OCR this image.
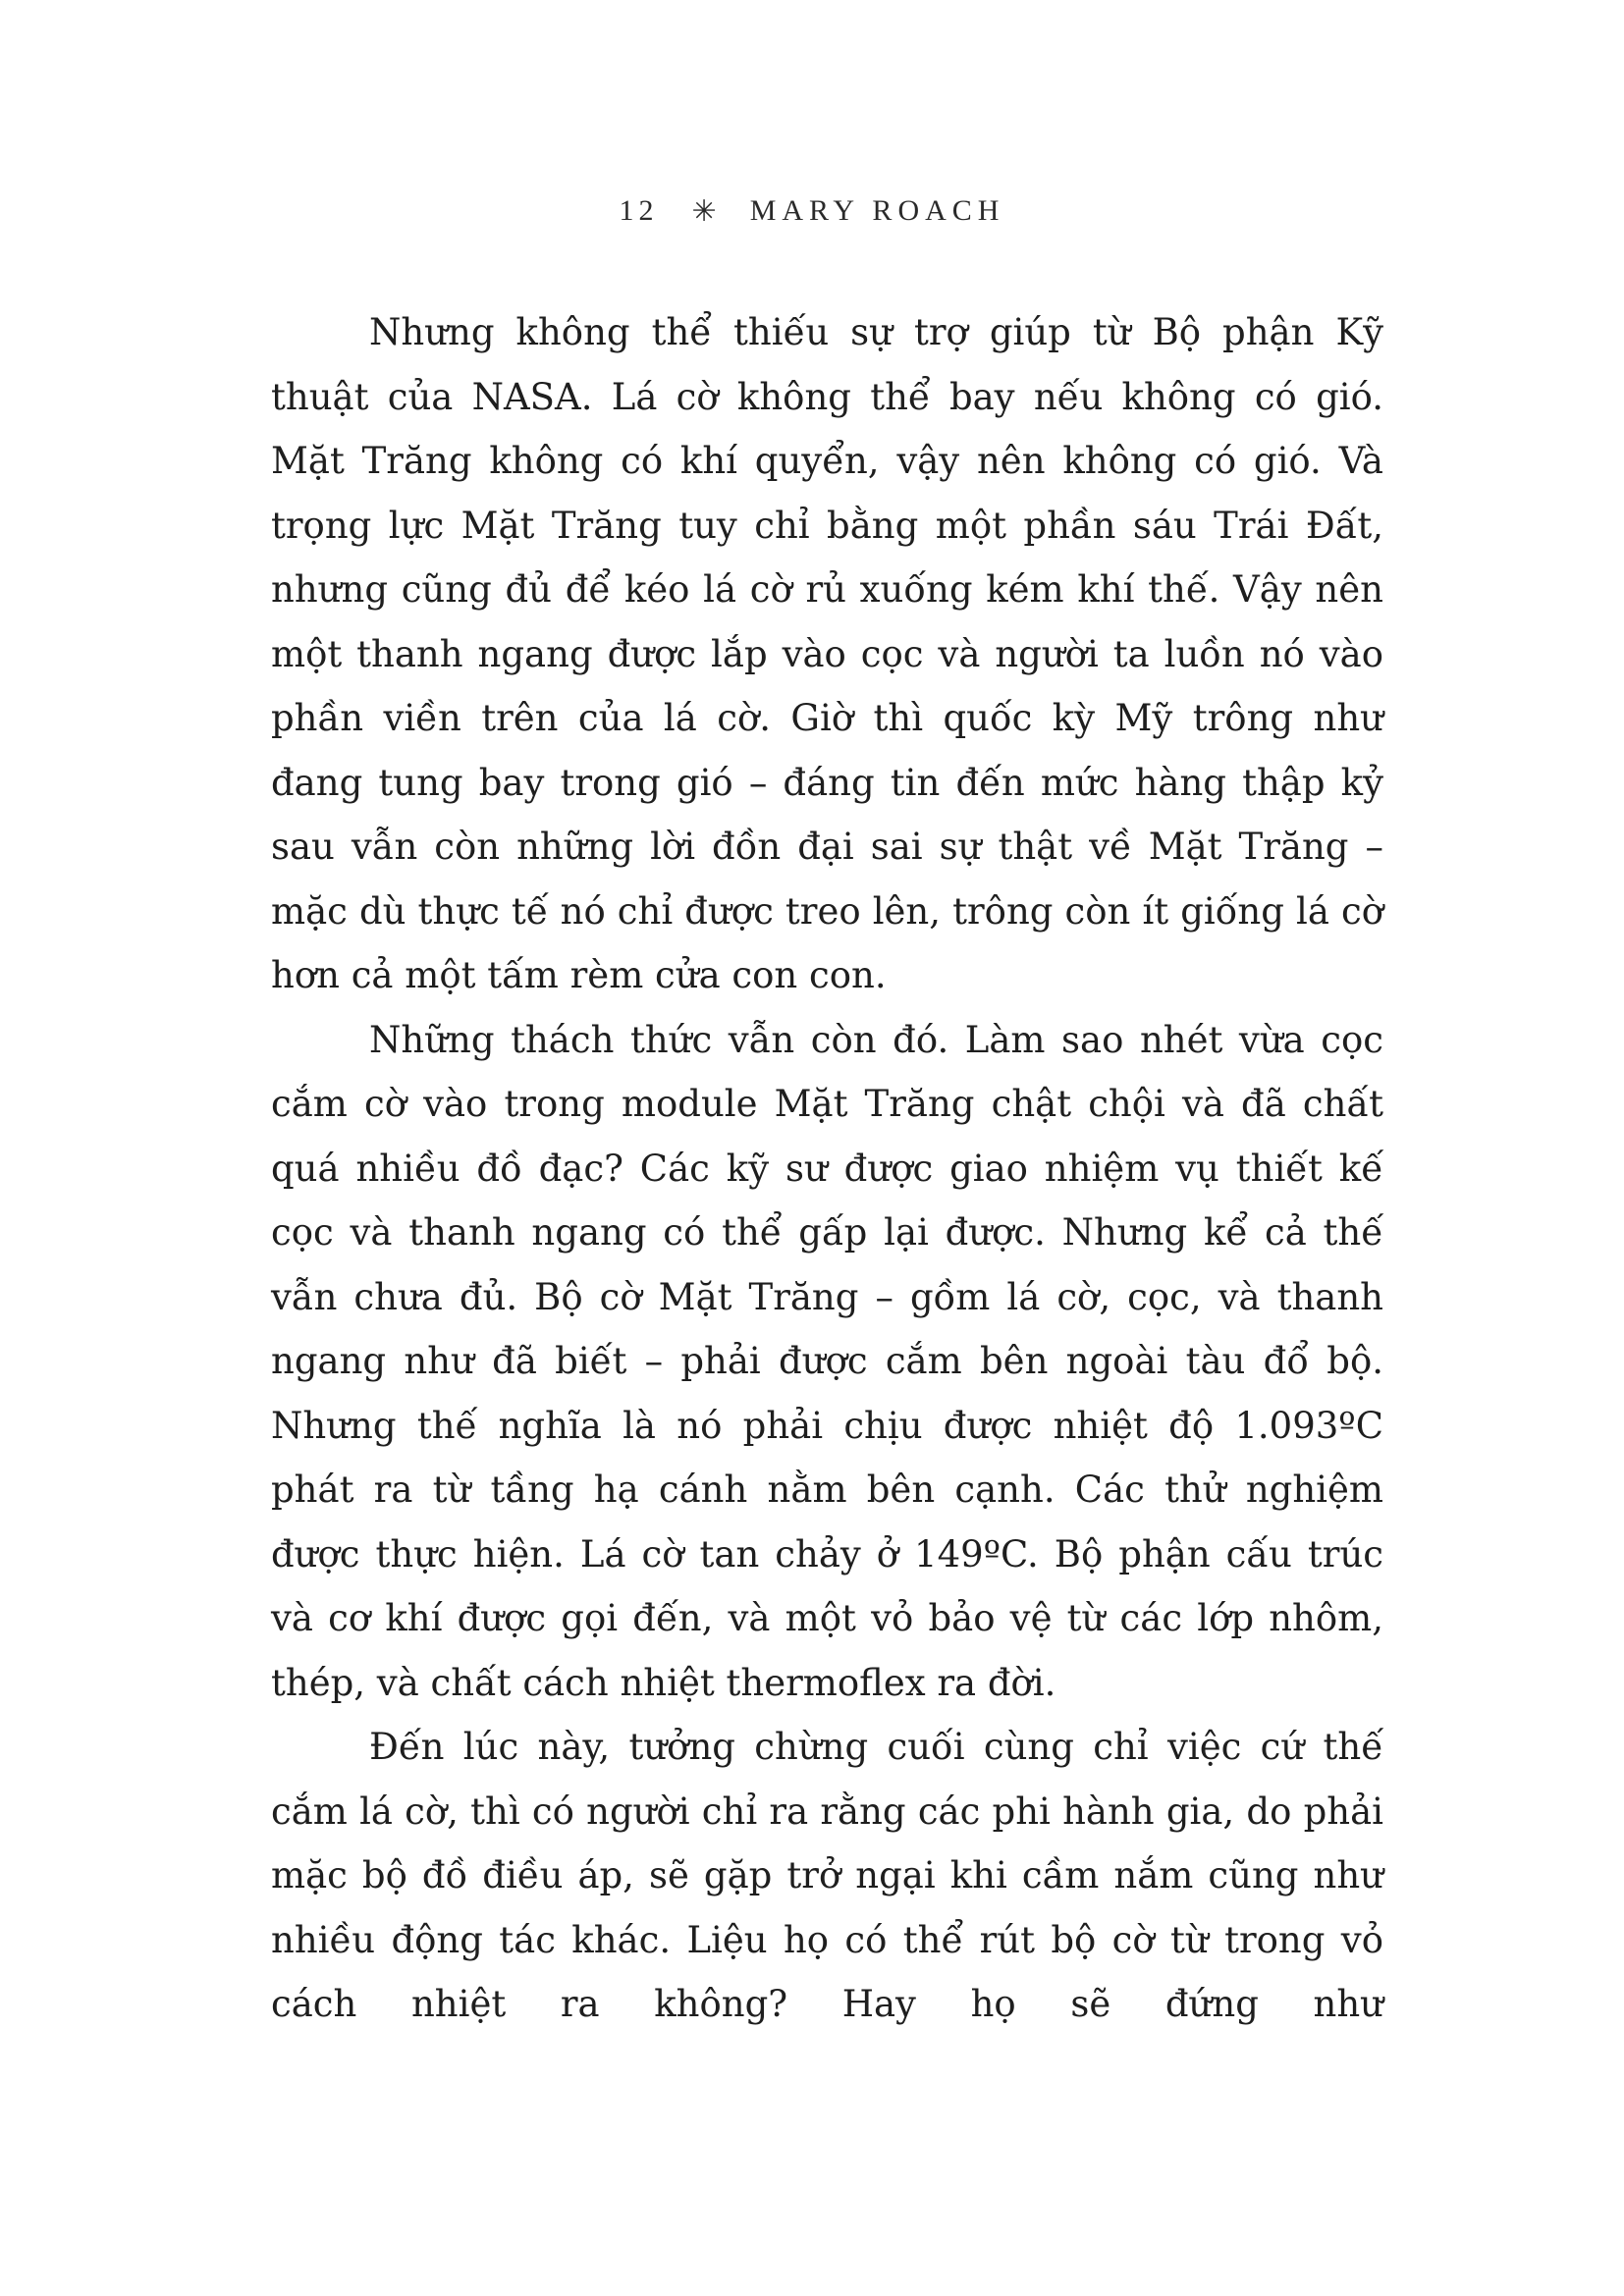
12 ✳ MARY ROACH

Nhưng không thể thiếu sự trợ giúp từ Bộ phận Kỹ thuật của NASA. Lá cờ không thể bay nếu không có gió. Mặt Trăng không có khí quyển, vậy nên không có gió. Và trọng lực Mặt Trăng tuy chỉ bằng một phần sáu Trái Đất, nhưng cũng đủ để kéo lá cờ rủ xuống kém khí thế. Vậy nên một thanh ngang được lắp vào cọc và người ta luồn nó vào phần viền trên của lá cờ. Giờ thì quốc kỳ Mỹ trông như đang tung bay trong gió – đáng tin đến mức hàng thập kỷ sau vẫn còn những lời đồn đại sai sự thật về Mặt Trăng – mặc dù thực tế nó chỉ được treo lên, trông còn ít giống lá cờ hơn cả một tấm rèm cửa con con.

Những thách thức vẫn còn đó. Làm sao nhét vừa cọc cắm cờ vào trong module Mặt Trăng chật chội và đã chất quá nhiều đồ đạc? Các kỹ sư được giao nhiệm vụ thiết kế cọc và thanh ngang có thể gấp lại được. Nhưng kể cả thế vẫn chưa đủ. Bộ cờ Mặt Trăng – gồm lá cờ, cọc, và thanh ngang như đã biết – phải được cắm bên ngoài tàu đổ bộ. Nhưng thế nghĩa là nó phải chịu được nhiệt độ 1.093ºC phát ra từ tầng hạ cánh nằm bên cạnh. Các thử nghiệm được thực hiện. Lá cờ tan chảy ở 149ºC. Bộ phận cấu trúc và cơ khí được gọi đến, và một vỏ bảo vệ từ các lớp nhôm, thép, và chất cách nhiệt thermoflex ra đời.

Đến lúc này, tưởng chừng cuối cùng chỉ việc cứ thế cắm lá cờ, thì có người chỉ ra rằng các phi hành gia, do phải mặc bộ đồ điều áp, sẽ gặp trở ngại khi cầm nắm cũng như nhiều động tác khác. Liệu họ có thể rút bộ cờ từ trong vỏ cách nhiệt ra không? Hay họ sẽ đứng như
